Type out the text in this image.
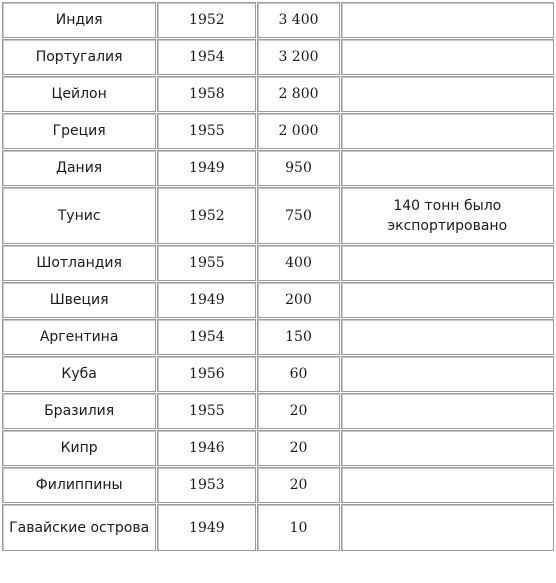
Индия	1952	3 400	
Португалия	1954	3 200	
Цейлон	1958	2 800	
Греция	1955	2 000	
Дания	1949	950	
Тунис	1952	750	140 тонн было экспортировано
Шотландия	1955	400	
Швеция	1949	200	
Аргентина	1954	150	
Куба	1956	60	
Бразилия	1955	20	
Кипр	1946	20	
Филиппины	1953	20	
Гавайские острова	1949	10	
